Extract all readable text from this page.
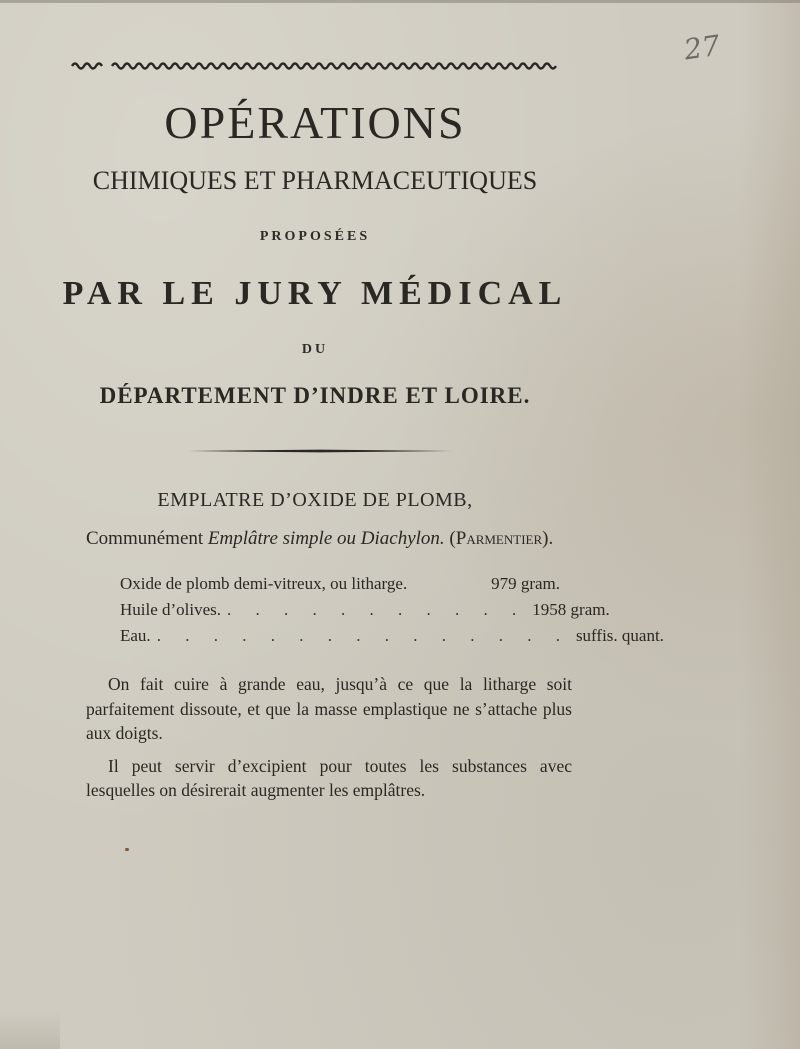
27
OPÉRATIONS
CHIMIQUES ET PHARMACEUTIQUES
PROPOSÉES
PAR LE JURY MÉDICAL
DU
DÉPARTEMENT D’INDRE ET LOIRE.
EMPLATRE D’OXIDE DE PLOMB,
Communément Emplâtre simple ou Diachylon. (Parmentier).
Oxide de plomb demi-vitreux, ou litharge.	979 gram.
Huile d’olives. . . . . . . . . . . . 1958 gram.
Eau. . . . . . . . . . . . . . . . suffis. quant.

On fait cuire à grande eau, jusqu’à ce que la litharge soit parfaitement dissoute, et que la masse emplastique ne s’attache plus aux doigts.

Il peut servir d’excipient pour toutes les substances avec lesquelles on désirerait augmenter les emplâtres.
